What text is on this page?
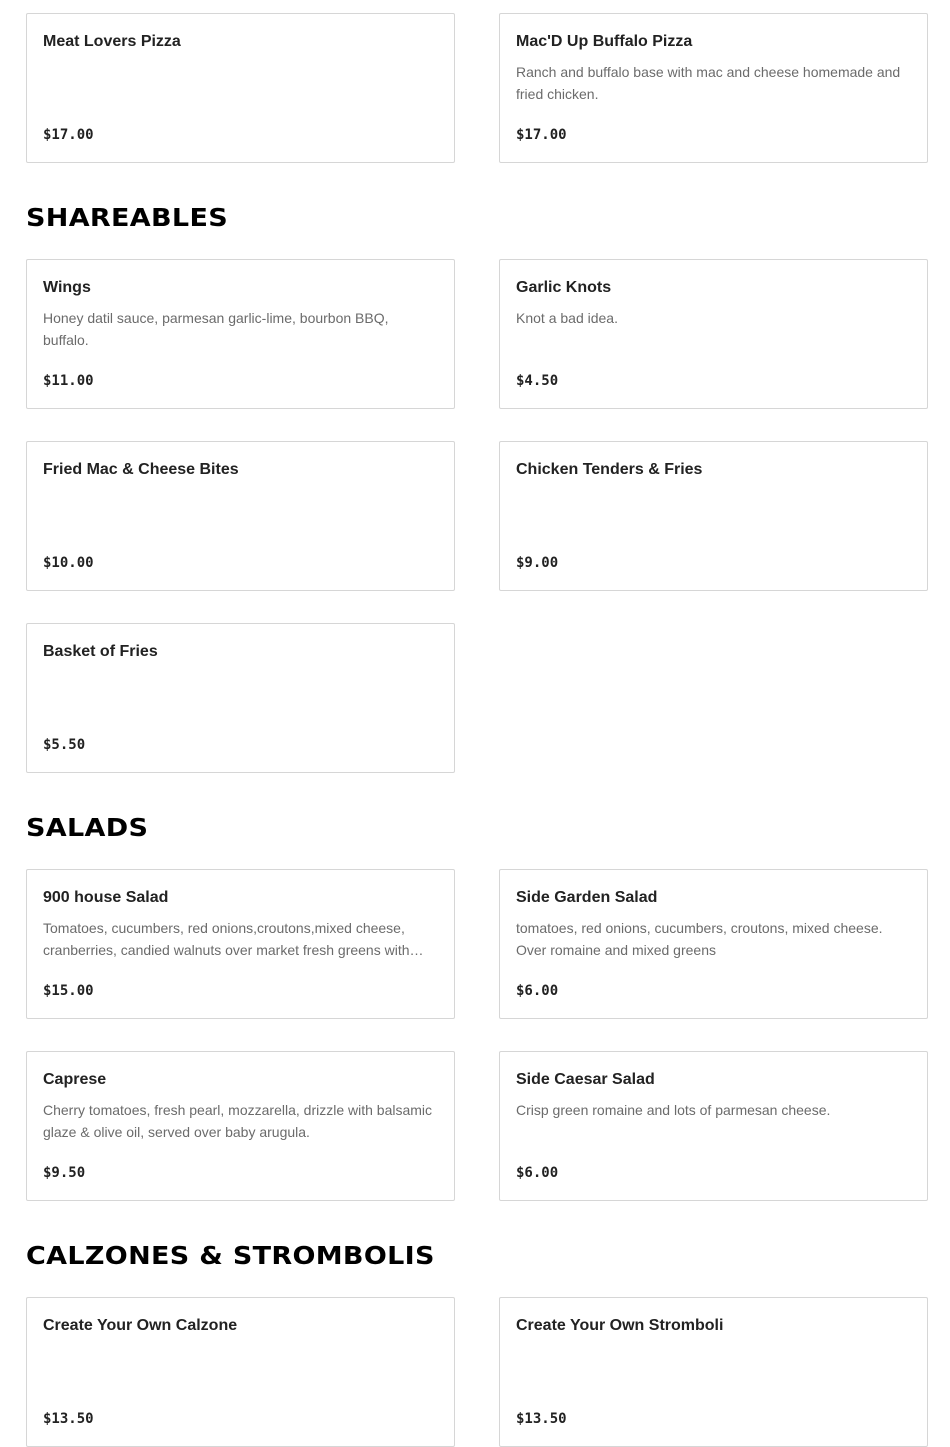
Meat Lovers Pizza
$17.00
Mac'D Up Buffalo Pizza
Ranch and buffalo base with mac and cheese homemade and fried chicken.
$17.00
SHAREABLES
Wings
Honey datil sauce, parmesan garlic-lime, bourbon BBQ, buffalo.
$11.00
Garlic Knots
Knot a bad idea.
$4.50
Fried Mac & Cheese Bites
$10.00
Chicken Tenders & Fries
$9.00
Basket of Fries
$5.50
SALADS
900 house Salad
Tomatoes, cucumbers, red onions,croutons,mixed cheese, cranberries, candied walnuts over market fresh greens with…
$15.00
Side Garden Salad
tomatoes, red onions, cucumbers, croutons, mixed cheese. Over romaine and mixed greens
$6.00
Caprese
Cherry tomatoes, fresh pearl, mozzarella, drizzle with balsamic glaze & olive oil, served over baby arugula.
$9.50
Side Caesar Salad
Crisp green romaine and lots of parmesan cheese.
$6.00
CALZONES & STROMBOLIS
Create Your Own Calzone
$13.50
Create Your Own Stromboli
$13.50
